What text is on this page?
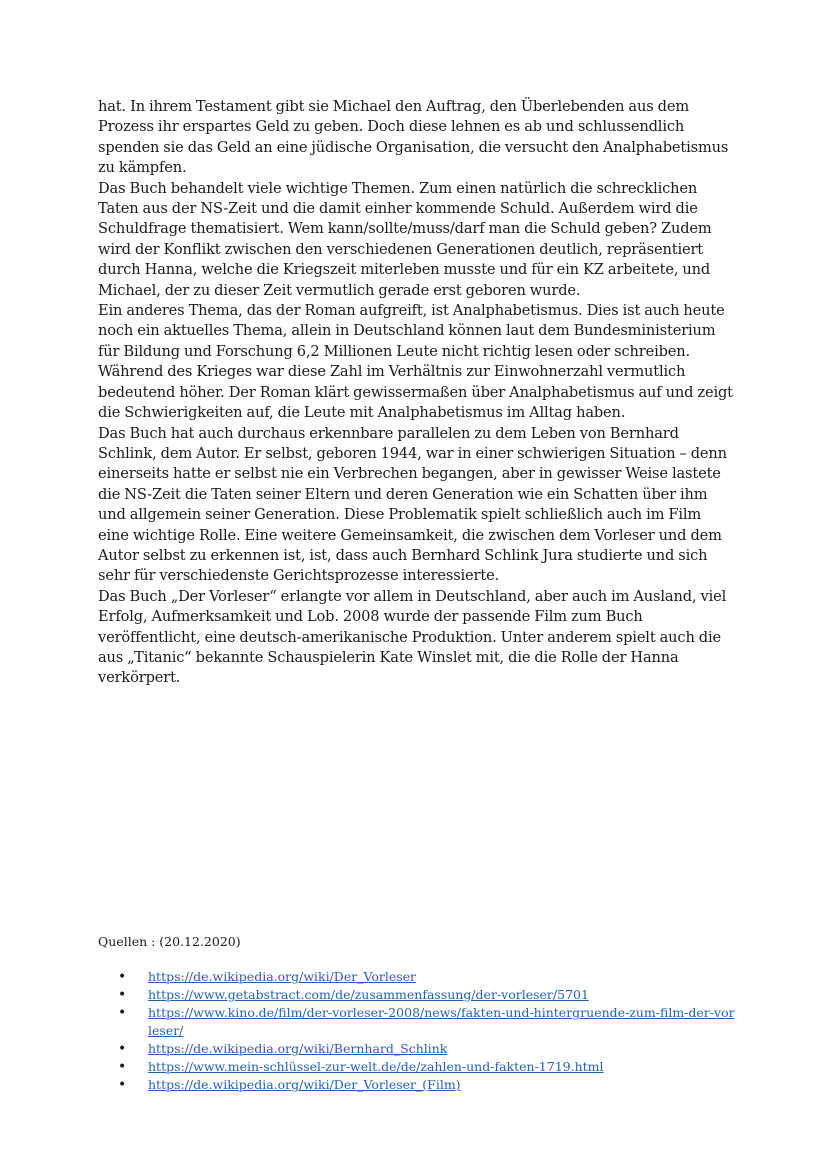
hat. In ihrem Testament gibt sie Michael den Auftrag, den Überlebenden aus dem Prozess ihr erspartes Geld zu geben. Doch diese lehnen es ab und schlussendlich spenden sie das Geld an eine jüdische Organisation, die versucht den Analphabetismus zu kämpfen.

Das Buch behandelt viele wichtige Themen. Zum einen natürlich die schrecklichen Taten aus der NS-Zeit und die damit einher kommende Schuld. Außerdem wird die Schuldfrage thematisiert. Wem kann/sollte/muss/darf man die Schuld geben? Zudem wird der Konflikt zwischen den verschiedenen Generationen deutlich, repräsentiert durch Hanna, welche die Kriegszeit miterleben musste und für ein KZ arbeitete, und Michael, der zu dieser Zeit vermutlich gerade erst geboren wurde.

Ein anderes Thema, das der Roman aufgreift, ist Analphabetismus. Dies ist auch heute noch ein aktuelles Thema, allein in Deutschland können laut dem Bundesministerium für Bildung und Forschung 6,2 Millionen Leute nicht richtig lesen oder schreiben. Während des Krieges war diese Zahl im Verhältnis zur Einwohnerzahl vermutlich bedeutend höher. Der Roman klärt gewissermaßen über Analphabetismus auf und zeigt die Schwierigkeiten auf, die Leute mit Analphabetismus im Alltag haben.

Das Buch hat auch durchaus erkennbare parallelen zu dem Leben von Bernhard Schlink, dem Autor. Er selbst, geboren 1944, war in einer schwierigen Situation – denn einerseits hatte er selbst nie ein Verbrechen begangen, aber in gewisser Weise lastete die NS-Zeit die Taten seiner Eltern und deren Generation wie ein Schatten über ihm und allgemein seiner Generation. Diese Problematik spielt schließlich auch im Film eine wichtige Rolle. Eine weitere Gemeinsamkeit, die zwischen dem Vorleser und dem Autor selbst zu erkennen ist, ist, dass auch Bernhard Schlink Jura studierte und sich sehr für verschiedenste Gerichtsprozesse interessierte.

Das Buch „Der Vorleser“ erlangte vor allem in Deutschland, aber auch im Ausland, viel Erfolg, Aufmerksamkeit und Lob. 2008 wurde der passende Film zum Buch veröffentlicht, eine deutsch-amerikanische Produktion. Unter anderem spielt auch die aus „Titanic“ bekannte Schauspielerin Kate Winslet mit, die die Rolle der Hanna verkörpert.

Quellen : (20.12.2020)

• https://de.wikipedia.org/wiki/Der_Vorleser
• https://www.getabstract.com/de/zusammenfassung/der-vorleser/5701
• https://www.kino.de/film/der-vorleser-2008/news/fakten-und-hintergruende-zum-film-der-vorleser/
• https://de.wikipedia.org/wiki/Bernhard_Schlink
• https://www.mein-schlüssel-zur-welt.de/de/zahlen-und-fakten-1719.html
• https://de.wikipedia.org/wiki/Der_Vorleser_(Film)
